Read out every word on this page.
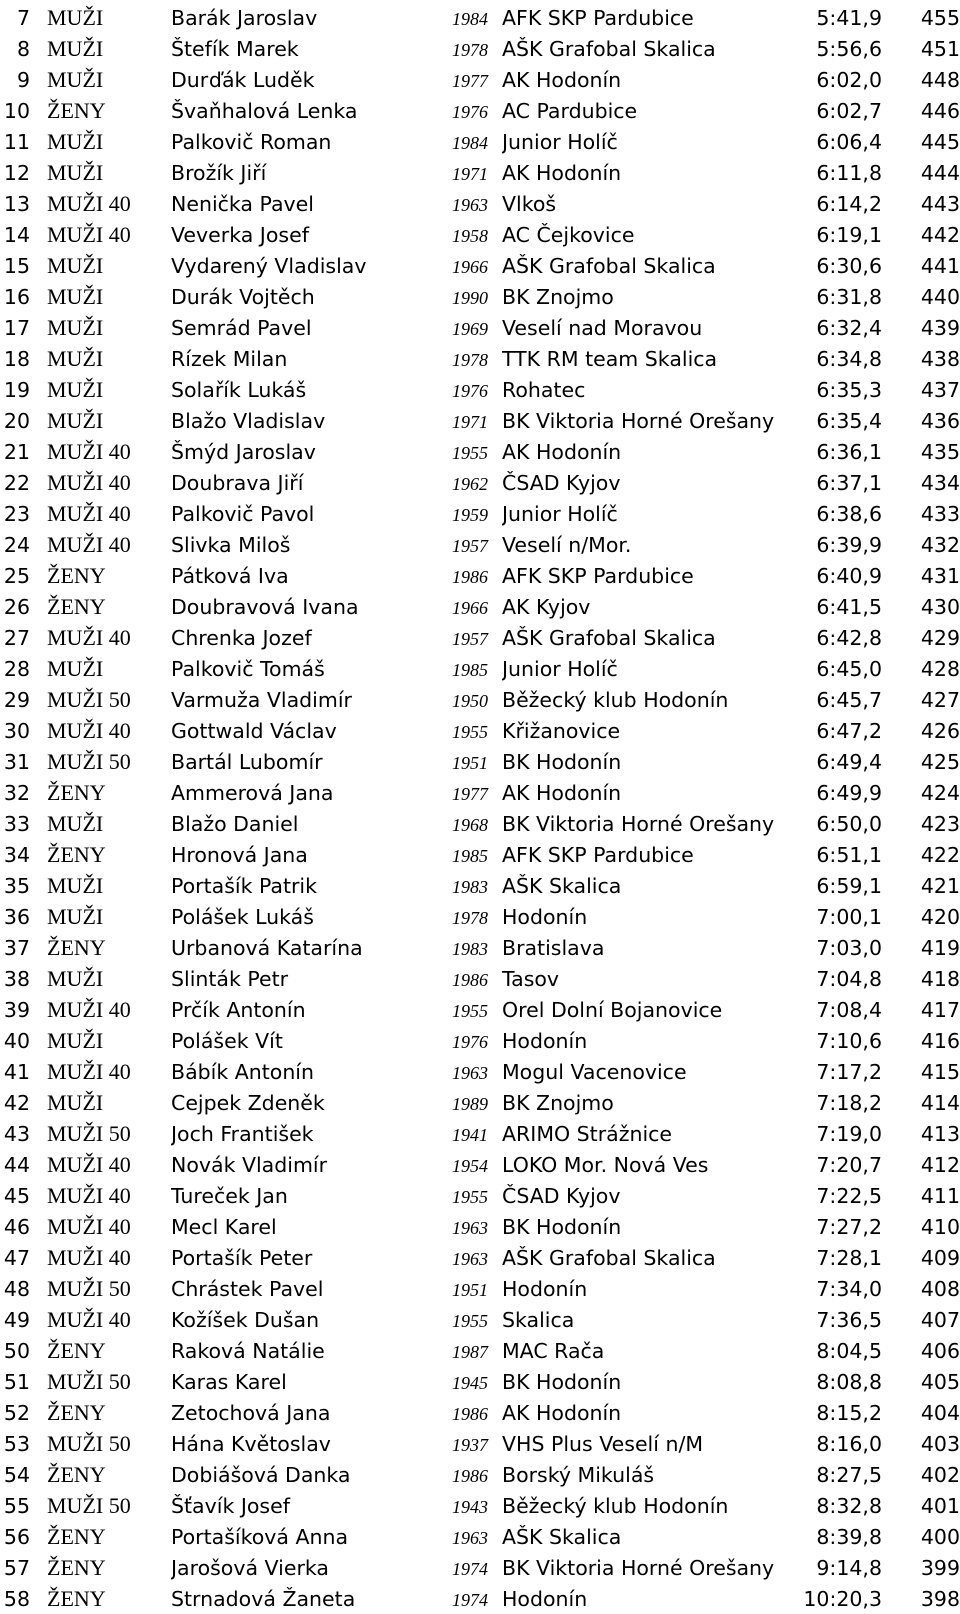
7	MUŽI	Barák Jaroslav	1984	AFK SKP Pardubice	5:41,9	455
8	MUŽI	Štefík Marek	1978	AŠK Grafobal Skalica	5:56,6	451
9	MUŽI	Durďák Luděk	1977	AK Hodonín	6:02,0	448
10	ŽENY	Švaňhalová Lenka	1976	AC Pardubice	6:02,7	446
11	MUŽI	Palkovič Roman	1984	Junior Holíč	6:06,4	445
12	MUŽI	Brožík Jiří	1971	AK Hodonín	6:11,8	444
13	MUŽI 40	Nenička Pavel	1963	Vlkoš	6:14,2	443
14	MUŽI 40	Veverka Josef	1958	AC Čejkovice	6:19,1	442
15	MUŽI	Vydarený Vladislav	1966	AŠK Grafobal Skalica	6:30,6	441
16	MUŽI	Durák Vojtěch	1990	BK Znojmo	6:31,8	440
17	MUŽI	Semrád Pavel	1969	Veselí nad Moravou	6:32,4	439
18	MUŽI	Rízek Milan	1978	TTK RM team Skalica	6:34,8	438
19	MUŽI	Solařík Lukáš	1976	Rohatec	6:35,3	437
20	MUŽI	Blažo Vladislav	1971	BK Viktoria Horné Orešany	6:35,4	436
21	MUŽI 40	Šmýd Jaroslav	1955	AK Hodonín	6:36,1	435
22	MUŽI 40	Doubrava Jiří	1962	ČSAD Kyjov	6:37,1	434
23	MUŽI 40	Palkovič Pavol	1959	Junior Holíč	6:38,6	433
24	MUŽI 40	Slivka Miloš	1957	Veselí n/Mor.	6:39,9	432
25	ŽENY	Pátková Iva	1986	AFK SKP Pardubice	6:40,9	431
26	ŽENY	Doubravová Ivana	1966	AK Kyjov	6:41,5	430
27	MUŽI 40	Chrenka Jozef	1957	AŠK Grafobal Skalica	6:42,8	429
28	MUŽI	Palkovič Tomáš	1985	Junior Holíč	6:45,0	428
29	MUŽI 50	Varmuža Vladimír	1950	Běžecký klub Hodonín	6:45,7	427
30	MUŽI 40	Gottwald Václav	1955	Křižanovice	6:47,2	426
31	MUŽI 50	Bartál Lubomír	1951	BK Hodonín	6:49,4	425
32	ŽENY	Ammerová Jana	1977	AK Hodonín	6:49,9	424
33	MUŽI	Blažo Daniel	1968	BK Viktoria Horné Orešany	6:50,0	423
34	ŽENY	Hronová Jana	1985	AFK SKP Pardubice	6:51,1	422
35	MUŽI	Portašík Patrik	1983	AŠK Skalica	6:59,1	421
36	MUŽI	Polášek Lukáš	1978	Hodonín	7:00,1	420
37	ŽENY	Urbanová Katarína	1983	Bratislava	7:03,0	419
38	MUŽI	Slinták Petr	1986	Tasov	7:04,8	418
39	MUŽI 40	Prčík Antonín	1955	Orel Dolní Bojanovice	7:08,4	417
40	MUŽI	Polášek Vít	1976	Hodonín	7:10,6	416
41	MUŽI 40	Bábík Antonín	1963	Mogul Vacenovice	7:17,2	415
42	MUŽI	Cejpek Zdeněk	1989	BK Znojmo	7:18,2	414
43	MUŽI 50	Joch František	1941	ARIMO Strážnice	7:19,0	413
44	MUŽI 40	Novák Vladimír	1954	LOKO Mor. Nová Ves	7:20,7	412
45	MUŽI 40	Tureček Jan	1955	ČSAD Kyjov	7:22,5	411
46	MUŽI 40	Mecl Karel	1963	BK Hodonín	7:27,2	410
47	MUŽI 40	Portašík Peter	1963	AŠK Grafobal Skalica	7:28,1	409
48	MUŽI 50	Chrástek Pavel	1951	Hodonín	7:34,0	408
49	MUŽI 40	Kožíšek Dušan	1955	Skalica	7:36,5	407
50	ŽENY	Raková Natálie	1987	MAC Rača	8:04,5	406
51	MUŽI 50	Karas Karel	1945	BK Hodonín	8:08,8	405
52	ŽENY	Zetochová Jana	1986	AK Hodonín	8:15,2	404
53	MUŽI 50	Hána Květoslav	1937	VHS Plus Veselí n/M	8:16,0	403
54	ŽENY	Dobiášová Danka	1986	Borský Mikuláš	8:27,5	402
55	MUŽI 50	Šťavík Josef	1943	Běžecký klub Hodonín	8:32,8	401
56	ŽENY	Portašíková Anna	1963	AŠK Skalica	8:39,8	400
57	ŽENY	Jarošová Vierka	1974	BK Viktoria Horné Orešany	9:14,8	399
58	ŽENY	Strnadová Žaneta	1974	Hodonín	10:20,3	398
